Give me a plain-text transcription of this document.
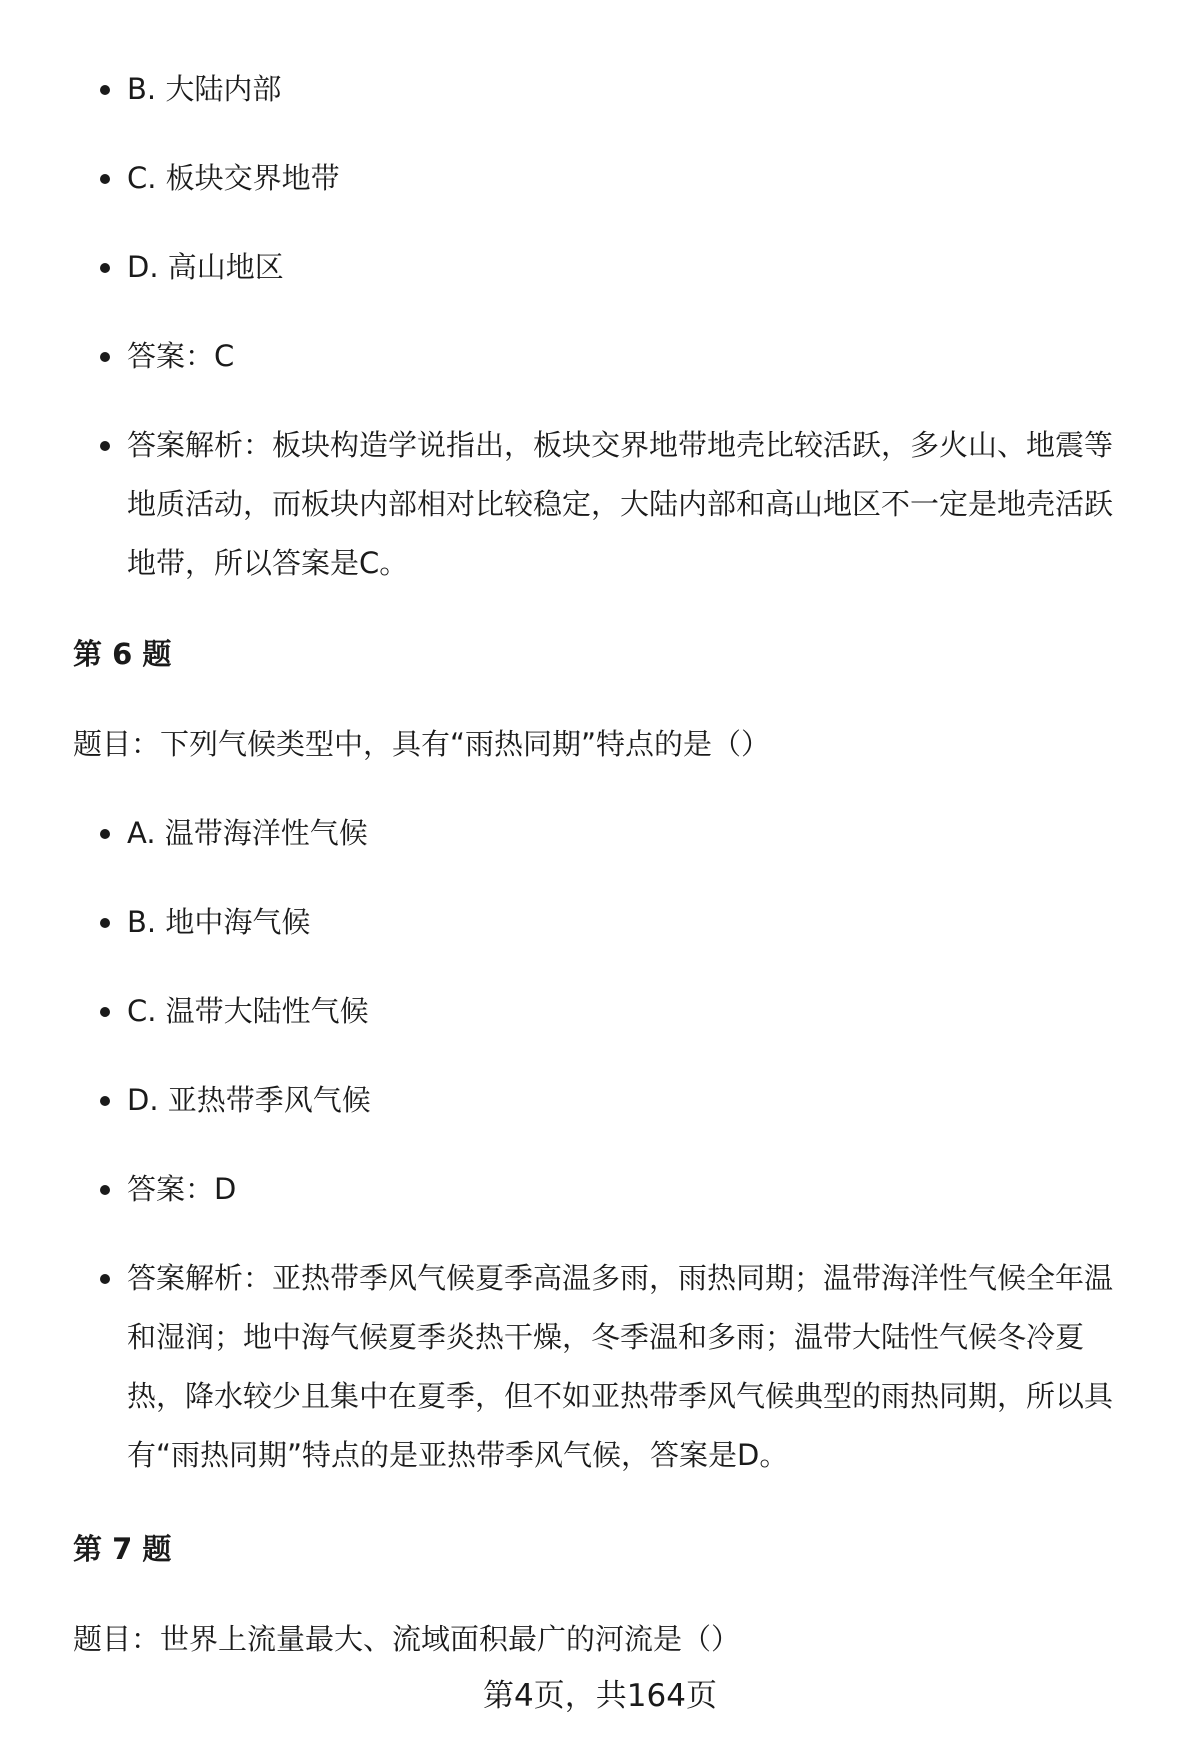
B. 大陆内部
C. 板块交界地带
D. 高山地区
答案：C
答案解析：板块构造学说指出，板块交界地带地壳比较活跃，多火山、地震等
地质活动，而板块内部相对比较稳定，大陆内部和高山地区不一定是地壳活跃
地带，所以答案是C。
第 6 题
题目：下列气候类型中，具有“雨热同期”特点的是（）
A. 温带海洋性气候
B. 地中海气候
C. 温带大陆性气候
D. 亚热带季风气候
答案：D
答案解析：亚热带季风气候夏季高温多雨，雨热同期；温带海洋性气候全年温
和湿润；地中海气候夏季炎热干燥，冬季温和多雨；温带大陆性气候冬冷夏
热，降水较少且集中在夏季，但不如亚热带季风气候典型的雨热同期，所以具
有“雨热同期”特点的是亚热带季风气候，答案是D。
第 7 题
题目：世界上流量最大、流域面积最广的河流是（）
第4页，共164页
